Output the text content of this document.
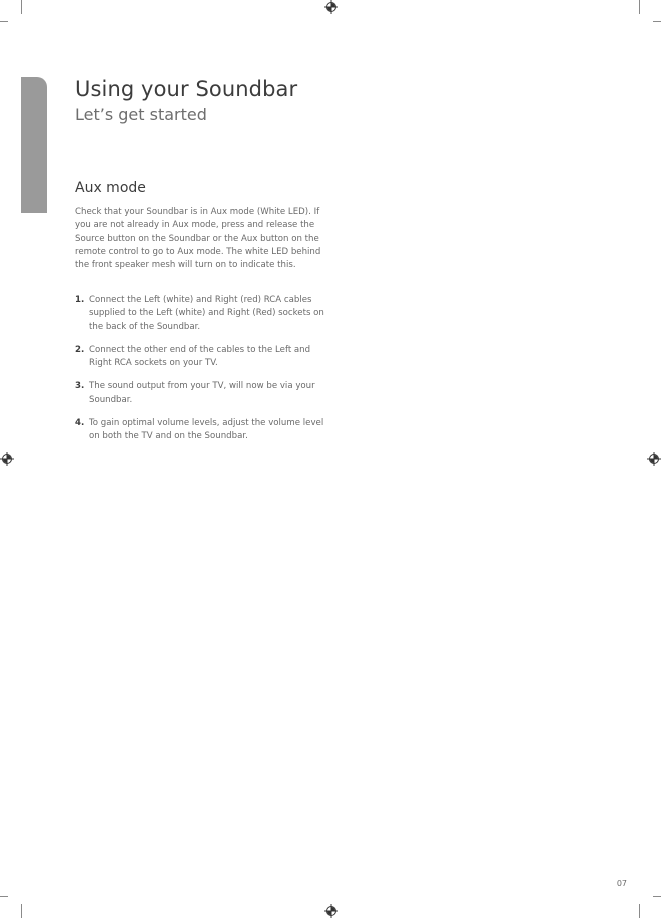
Using your Soundbar
Let’s get started
Aux mode

Check that your Soundbar is in Aux mode (White LED). If you are not already in Aux mode, press and release the Source button on the Soundbar or the Aux button on the remote control to go to Aux mode. The white LED behind the front speaker mesh will turn on to indicate this.

1. Connect the Left (white) and Right (red) RCA cables supplied to the Left (white) and Right (Red) sockets on the back of the Soundbar.
2. Connect the other end of the cables to the Left and Right RCA sockets on your TV.
3. The sound output from your TV, will now be via your Soundbar.
4. To gain optimal volume levels, adjust the volume level on both the TV and on the Soundbar.

07
